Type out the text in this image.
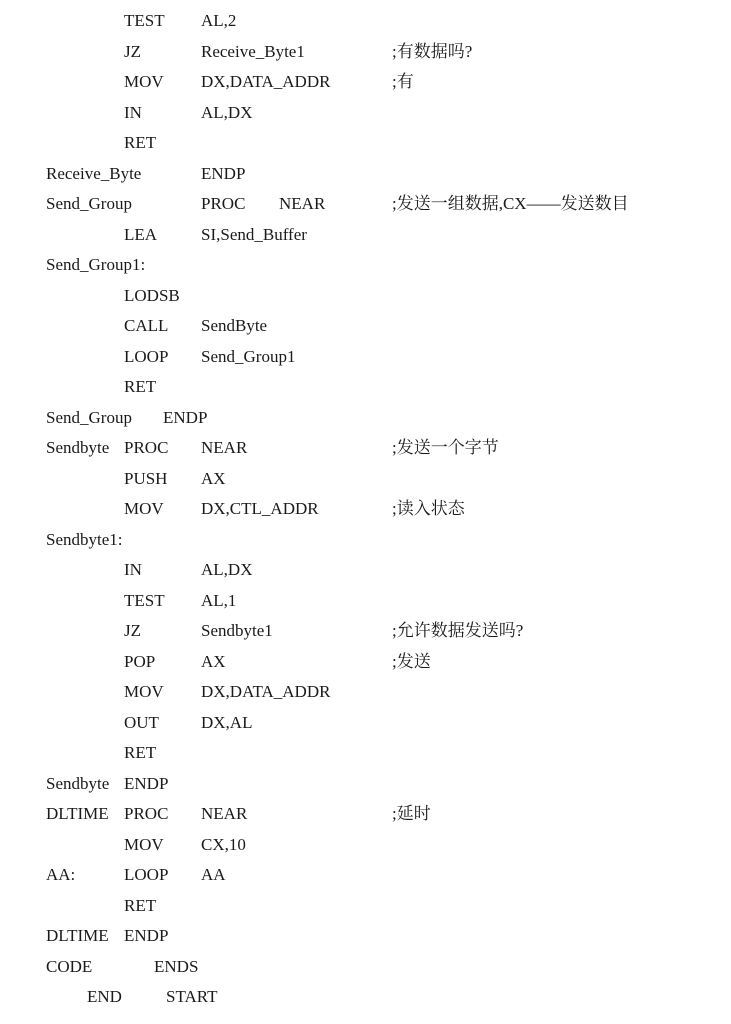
TEST AL,2
JZ	Receive_Byte1	;有数据吗?
MOV DX,DATA_ADDR	;有
IN	AL,DX
RET
Receive_Byte	ENDP
Send_Group	PROC NEAR	;发送一组数据,CX——发送数目
LEA	SI,Send_Buffer
Send_Group1:
LODSB
CALL SendByte
LOOP Send_Group1
RET
Send_Group ENDP
Sendbyte PROC NEAR	;发送一个字节
PUSH AX
MOV DX,CTL_ADDR	;读入状态
Sendbyte1:
IN	AL,DX
TEST AL,1
JZ	Sendbyte1	;允许数据发送吗?
POP	AX	;发送
MOV DX,DATA_ADDR
OUT DX,AL
RET
Sendbyte ENDP
DLTIME PROC NEAR	;延时
MOV CX,10
AA:	LOOP AA
RET
DLTIME ENDP
CODE	ENDS
END	START
